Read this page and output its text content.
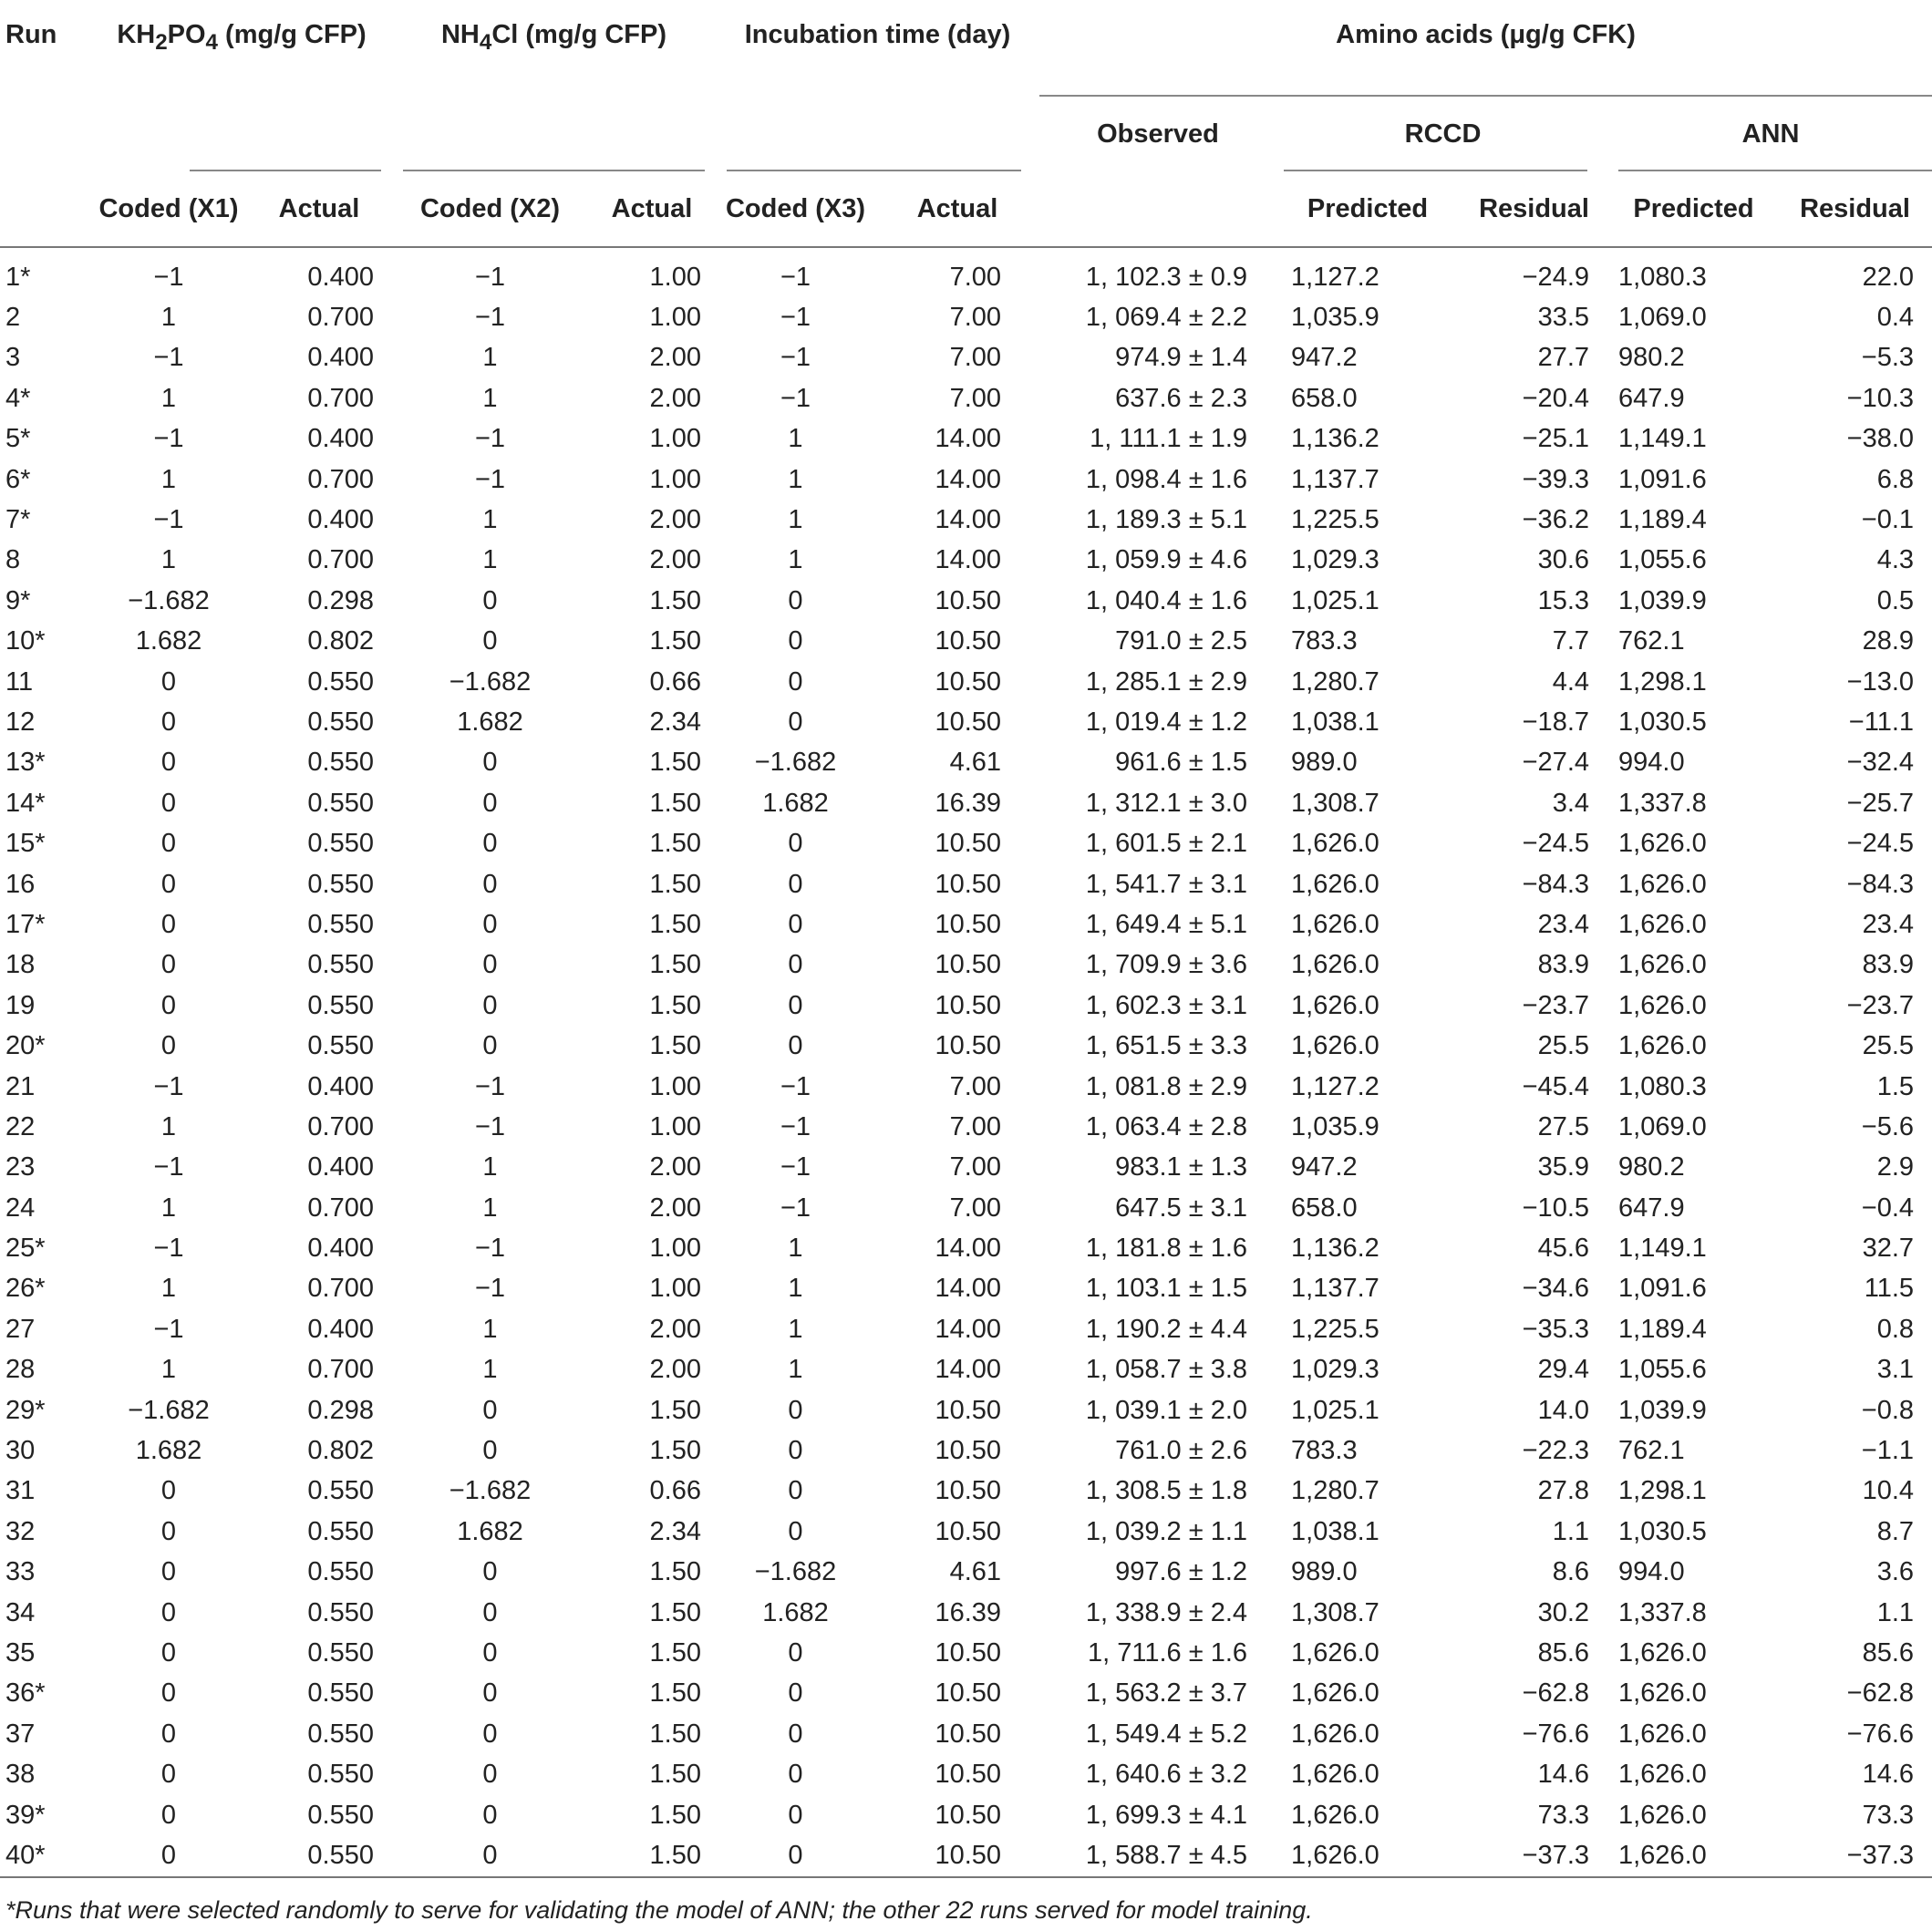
Run	$KH_2PO_4$ (mg/g CFP)		$NH_4Cl$ (mg/g CFP)		Incubation time (day)		Amino acids (μg/g CFK)				

				Observed	RCCD		ANN	

	Coded (X1)	Actual	Coded (X2)	Actual	Coded (X3)	Actual		Predicted	Residual	Predicted	Residual
1*	−1	0.400	−1	1.00	−1	7.00	1, 102.3 ± 0.9	1,127.2	−24.9	1,080.3	22.0
2	1	0.700	−1	1.00	−1	7.00	1, 069.4 ± 2.2	1,035.9	33.5	1,069.0	0.4
3	−1	0.400	1	2.00	−1	7.00	974.9 ± 1.4	947.2	27.7	980.2	−5.3
4*	1	0.700	1	2.00	−1	7.00	637.6 ± 2.3	658.0	−20.4	647.9	−10.3
5*	−1	0.400	−1	1.00	1	14.00	1, 111.1 ± 1.9	1,136.2	−25.1	1,149.1	−38.0
6*	1	0.700	−1	1.00	1	14.00	1, 098.4 ± 1.6	1,137.7	−39.3	1,091.6	6.8
7*	−1	0.400	1	2.00	1	14.00	1, 189.3 ± 5.1	1,225.5	−36.2	1,189.4	−0.1
8	1	0.700	1	2.00	1	14.00	1, 059.9 ± 4.6	1,029.3	30.6	1,055.6	4.3
9*	−1.682	0.298	0	1.50	0	10.50	1, 040.4 ± 1.6	1,025.1	15.3	1,039.9	0.5
10*	1.682	0.802	0	1.50	0	10.50	791.0 ± 2.5	783.3	7.7	762.1	28.9
11	0	0.550	−1.682	0.66	0	10.50	1, 285.1 ± 2.9	1,280.7	4.4	1,298.1	−13.0
12	0	0.550	1.682	2.34	0	10.50	1, 019.4 ± 1.2	1,038.1	−18.7	1,030.5	−11.1
13*	0	0.550	0	1.50	−1.682	4.61	961.6 ± 1.5	989.0	−27.4	994.0	−32.4
14*	0	0.550	0	1.50	1.682	16.39	1, 312.1 ± 3.0	1,308.7	3.4	1,337.8	−25.7
15*	0	0.550	0	1.50	0	10.50	1, 601.5 ± 2.1	1,626.0	−24.5	1,626.0	−24.5
16	0	0.550	0	1.50	0	10.50	1, 541.7 ± 3.1	1,626.0	−84.3	1,626.0	−84.3
17*	0	0.550	0	1.50	0	10.50	1, 649.4 ± 5.1	1,626.0	23.4	1,626.0	23.4
18	0	0.550	0	1.50	0	10.50	1, 709.9 ± 3.6	1,626.0	83.9	1,626.0	83.9
19	0	0.550	0	1.50	0	10.50	1, 602.3 ± 3.1	1,626.0	−23.7	1,626.0	−23.7
20*	0	0.550	0	1.50	0	10.50	1, 651.5 ± 3.3	1,626.0	25.5	1,626.0	25.5
21	−1	0.400	−1	1.00	−1	7.00	1, 081.8 ± 2.9	1,127.2	−45.4	1,080.3	1.5
22	1	0.700	−1	1.00	−1	7.00	1, 063.4 ± 2.8	1,035.9	27.5	1,069.0	−5.6
23	−1	0.400	1	2.00	−1	7.00	983.1 ± 1.3	947.2	35.9	980.2	2.9
24	1	0.700	1	2.00	−1	7.00	647.5 ± 3.1	658.0	−10.5	647.9	−0.4
25*	−1	0.400	−1	1.00	1	14.00	1, 181.8 ± 1.6	1,136.2	45.6	1,149.1	32.7
26*	1	0.700	−1	1.00	1	14.00	1, 103.1 ± 1.5	1,137.7	−34.6	1,091.6	11.5
27	−1	0.400	1	2.00	1	14.00	1, 190.2 ± 4.4	1,225.5	−35.3	1,189.4	0.8
28	1	0.700	1	2.00	1	14.00	1, 058.7 ± 3.8	1,029.3	29.4	1,055.6	3.1
29*	−1.682	0.298	0	1.50	0	10.50	1, 039.1 ± 2.0	1,025.1	14.0	1,039.9	−0.8
30	1.682	0.802	0	1.50	0	10.50	761.0 ± 2.6	783.3	−22.3	762.1	−1.1
31	0	0.550	−1.682	0.66	0	10.50	1, 308.5 ± 1.8	1,280.7	27.8	1,298.1	10.4
32	0	0.550	1.682	2.34	0	10.50	1, 039.2 ± 1.1	1,038.1	1.1	1,030.5	8.7
33	0	0.550	0	1.50	−1.682	4.61	997.6 ± 1.2	989.0	8.6	994.0	3.6
34	0	0.550	0	1.50	1.682	16.39	1, 338.9 ± 2.4	1,308.7	30.2	1,337.8	1.1
35	0	0.550	0	1.50	0	10.50	1, 711.6 ± 1.6	1,626.0	85.6	1,626.0	85.6
36*	0	0.550	0	1.50	0	10.50	1, 563.2 ± 3.7	1,626.0	−62.8	1,626.0	−62.8
37	0	0.550	0	1.50	0	10.50	1, 549.4 ± 5.2	1,626.0	−76.6	1,626.0	−76.6
38	0	0.550	0	1.50	0	10.50	1, 640.6 ± 3.2	1,626.0	14.6	1,626.0	14.6
39*	0	0.550	0	1.50	0	10.50	1, 699.3 ± 4.1	1,626.0	73.3	1,626.0	73.3
40*	0	0.550	0	1.50	0	10.50	1, 588.7 ± 4.5	1,626.0	−37.3	1,626.0	−37.3
*Runs that were selected randomly to serve for validating the model of ANN; the other 22 runs served for model training.											
